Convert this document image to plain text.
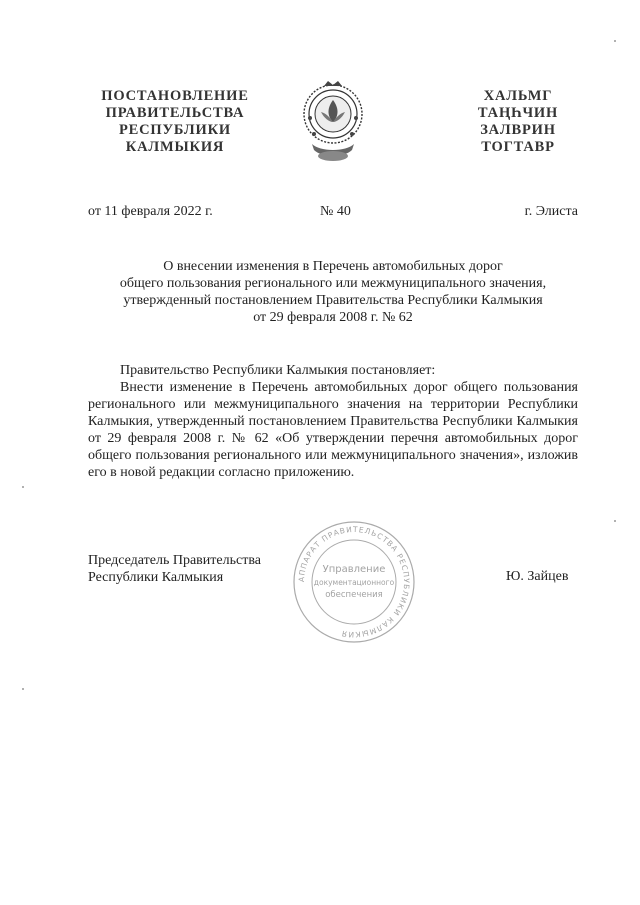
ПОСТАНОВЛЕНИЕ
ПРАВИТЕЛЬСТВА
РЕСПУБЛИКИ
КАЛМЫКИЯ
ХАЛЬМГ
ТАҢҺЧИН
ЗАЛВРИН
ТОГТАВР
от 11 февраля 2022 г.	№ 40	г. Элиста
О внесении изменения в Перечень автомобильных дорог
общего пользования регионального или межмуниципального значения,
утвержденный постановлением Правительства Республики Калмыкия
от 29 февраля 2008 г. № 62

Правительство Республики Калмыкия постановляет:

Внести изменение в Перечень автомобильных дорог общего пользования регионального или межмуниципального значения на территории Республики Калмыкия, утвержденный постановлением Правительства Республики Калмыкия от 29 февраля 2008 г. № 62 «Об утверждении перечня автомобильных дорог общего пользования регионального или межмуниципального значения», изложив его в новой редакции согласно приложению.

Председатель Правительства
Республики Калмыкия	АППАРАТ ПРАВИТЕЛЬСТВА РЕСПУБЛИКИ КАЛМЫКИЯ
Управление
документационного
обеспечения
Ю. Зайцев
